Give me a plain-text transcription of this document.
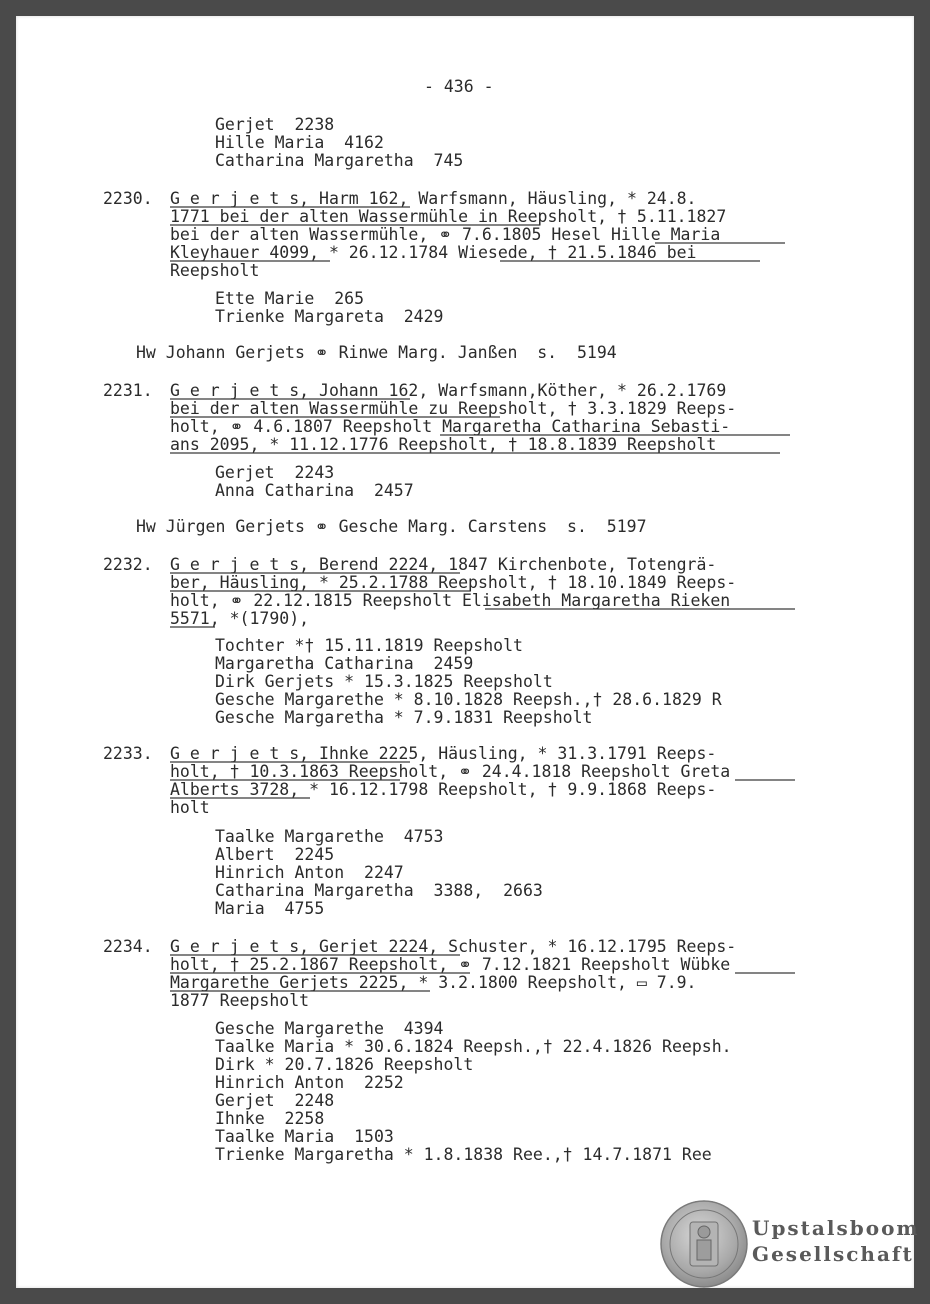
- 436 -
Gerjet  2238
Hille Maria  4162
Catharina Margaretha  745
2230. G e r j e t s, Harm 162, Warfsmann, Häusling, * 24.8.
1771 bei der alten Wassermühle in Reepsholt, † 5.11.1827
bei der alten Wassermühle, ⚭ 7.6.1805 Hesel Hille Maria
Kleyhauer 4099, * 26.12.1784 Wiesede, † 21.5.1846 bei
Reepsholt
Ette Marie  265
Trienke Margareta  2429
Hw Johann Gerjets ⚭ Rinwe Marg. Janßen  s.  5194
2231. G e r j e t s, Johann 162, Warfsmann,Köther, * 26.2.1769
bei der alten Wassermühle zu Reepsholt, † 3.3.1829 Reeps-
holt, ⚭ 4.6.1807 Reepsholt Margaretha Catharina Sebasti-
ans 2095, * 11.12.1776 Reepsholt, † 18.8.1839 Reepsholt
Gerjet  2243
Anna Catharina  2457
Hw Jürgen Gerjets ⚭ Gesche Marg. Carstens  s.  5197
2232. G e r j e t s, Berend 2224, 1847 Kirchenbote, Totengrä-
ber, Häusling, * 25.2.1788 Reepsholt, † 18.10.1849 Reeps-
holt, ⚭ 22.12.1815 Reepsholt Elisabeth Margaretha Rieken
5571, *(1790),
Tochter *† 15.11.1819 Reepsholt
Margaretha Catharina  2459
Dirk Gerjets * 15.3.1825 Reepsholt
Gesche Margarethe * 8.10.1828 Reepsh.,† 28.6.1829 R
Gesche Margaretha * 7.9.1831 Reepsholt
2233. G e r j e t s, Ihnke 2225, Häusling, * 31.3.1791 Reeps-
holt, † 10.3.1863 Reepsholt, ⚭ 24.4.1818 Reepsholt Greta
Alberts 3728, * 16.12.1798 Reepsholt, † 9.9.1868 Reeps-
holt
Taalke Margarethe  4753
Albert  2245
Hinrich Anton  2247
Catharina Margaretha  3388,  2663
Maria  4755
2234. G e r j e t s, Gerjet 2224, Schuster, * 16.12.1795 Reeps-
holt, † 25.2.1867 Reepsholt, ⚭ 7.12.1821 Reepsholt Wübke
Margarethe Gerjets 2225, * 3.2.1800 Reepsholt, ▭ 7.9.
1877 Reepsholt
Gesche Margarethe  4394
Taalke Maria * 30.6.1824 Reepsh.,† 22.4.1826 Reepsh.
Dirk * 20.7.1826 Reepsholt
Hinrich Anton  2252
Gerjet  2248
Ihnke  2258
Taalke Maria  1503
Trienke Margaretha * 1.8.1838 Ree.,† 14.7.1871 Ree
Upstalsboom
Gesellschaft
